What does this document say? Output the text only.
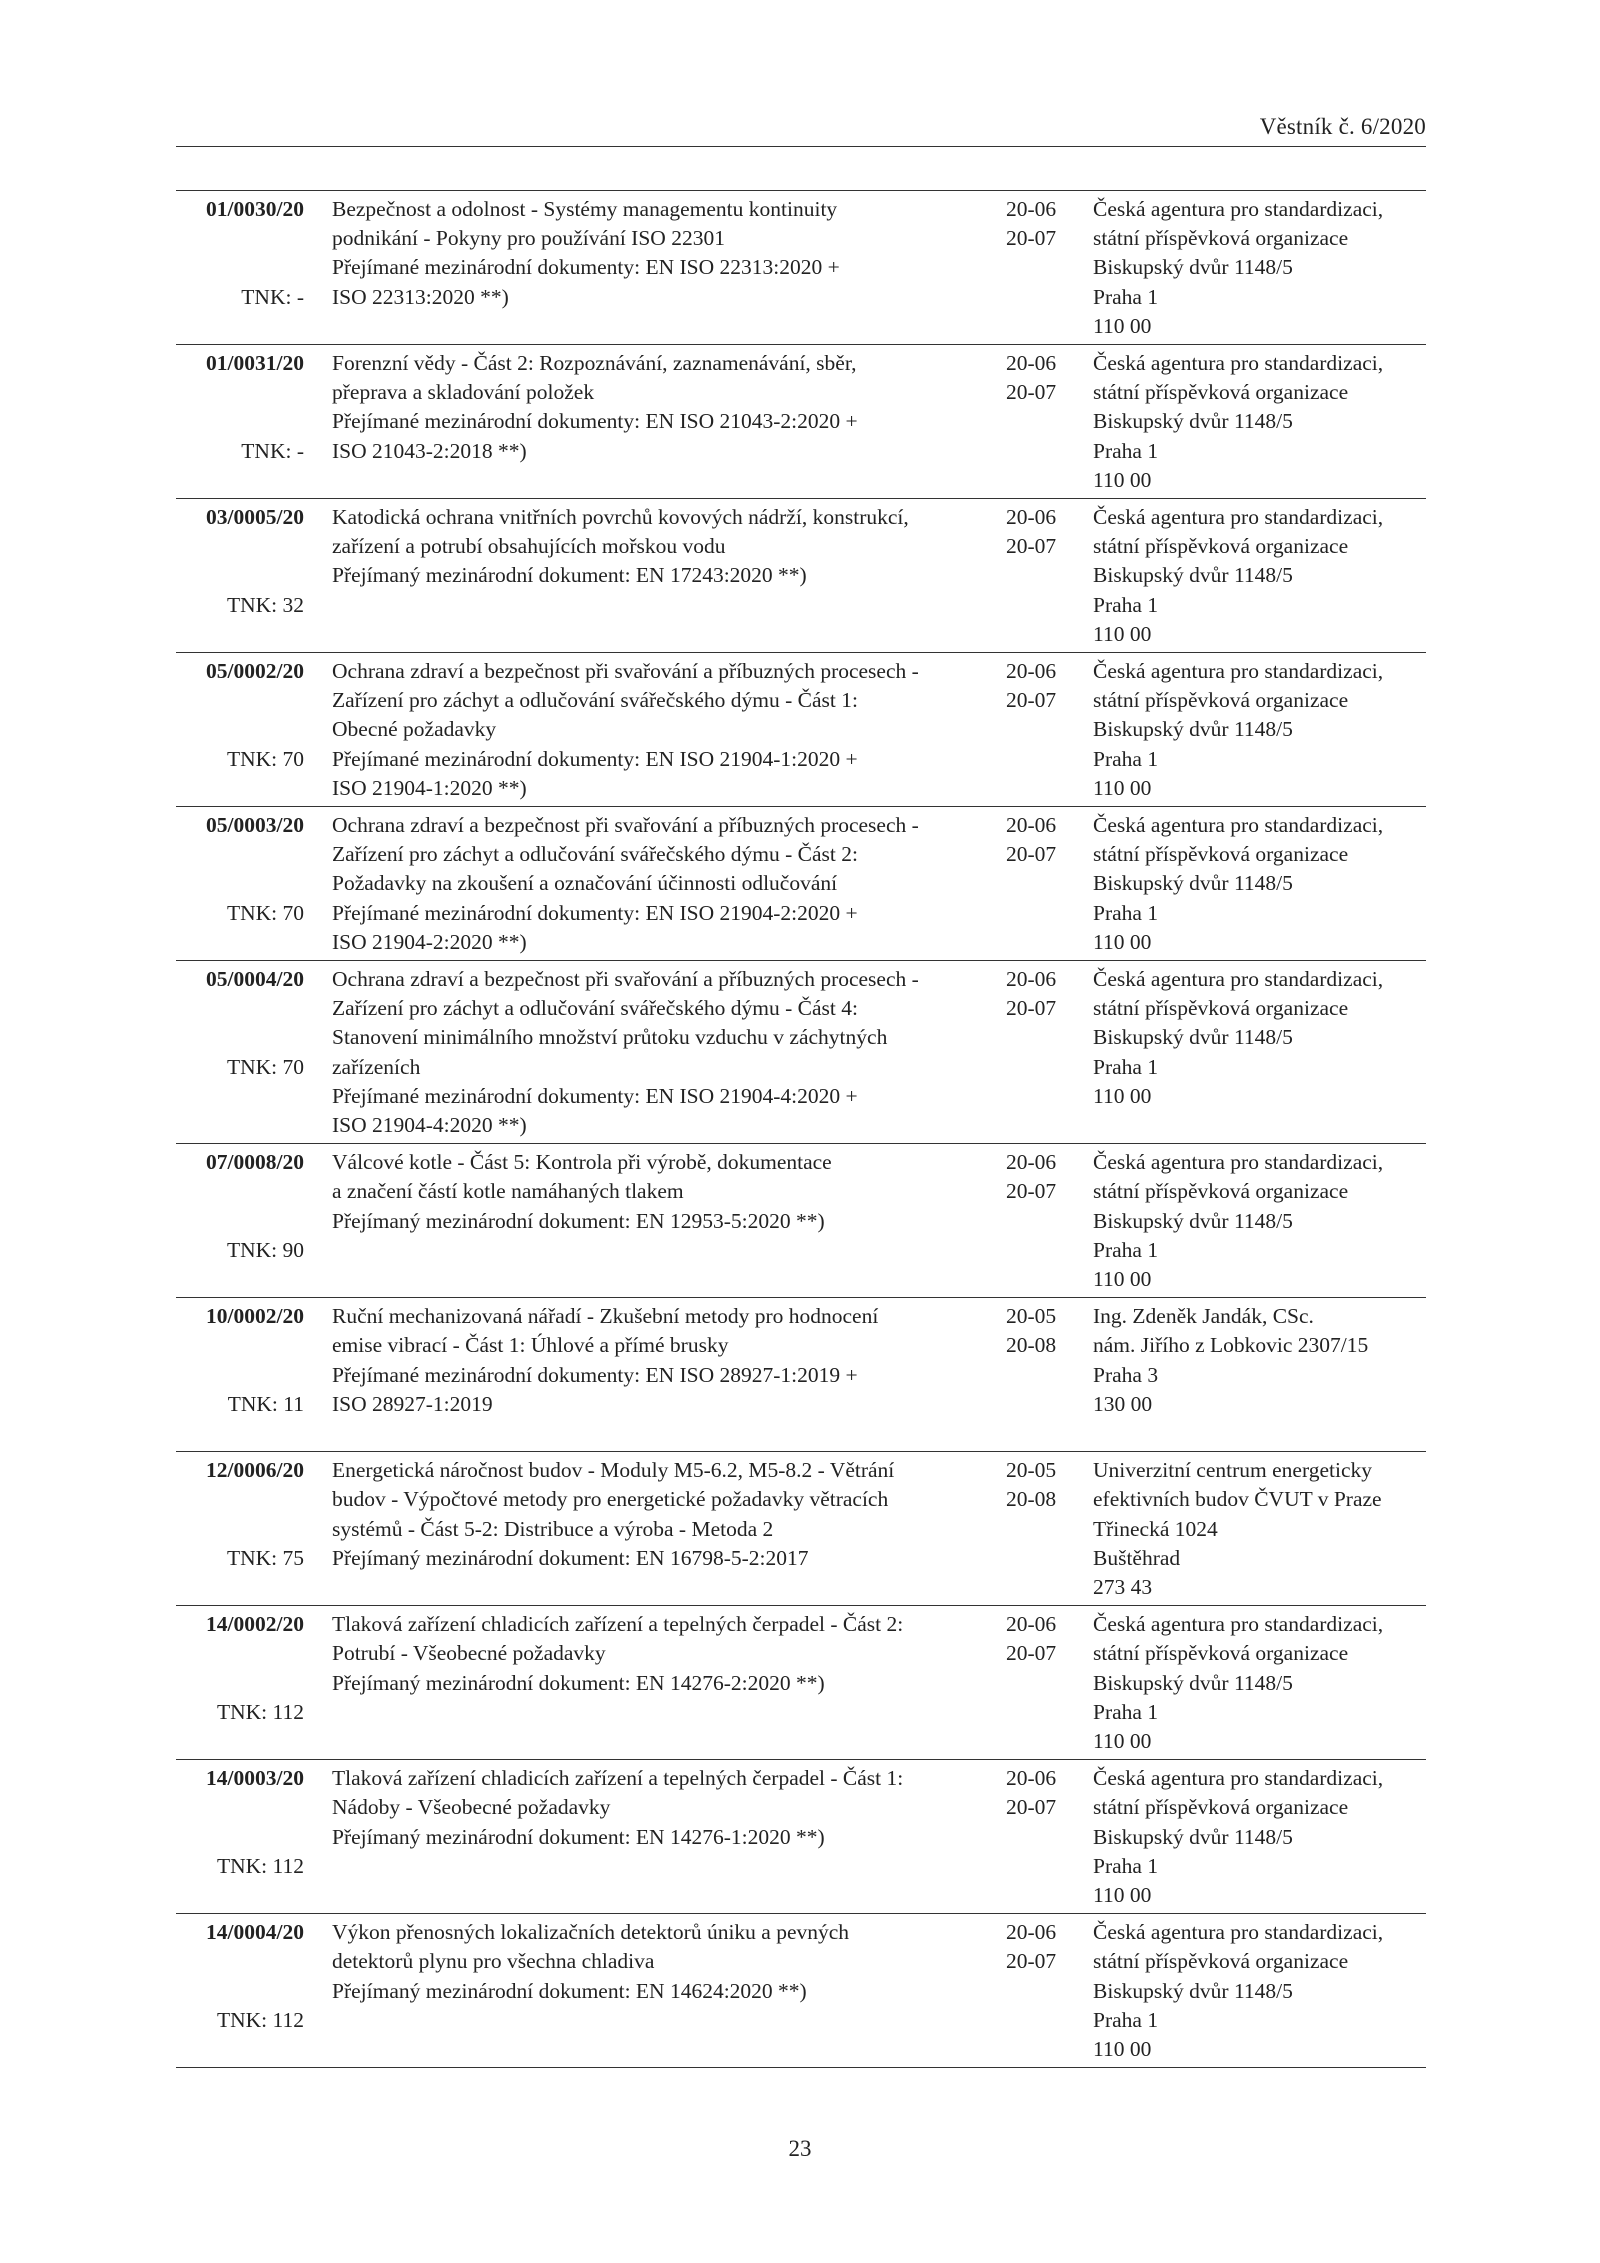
Věstník č. 6/2020
01/0030/20
TNK: -
Bezpečnost a odolnost - Systémy managementu kontinuity
podnikání - Pokyny pro používání ISO 22301
Přejímané mezinárodní dokumenty: EN ISO 22313:2020 +
ISO 22313:2020 **)
20-06
20-07
Česká agentura pro standardizaci,
státní příspěvková organizace
Biskupský dvůr 1148/5
Praha 1
110 00
01/0031/20
TNK: -
Forenzní vědy - Část 2: Rozpoznávání, zaznamenávání, sběr,
přeprava a skladování položek
Přejímané mezinárodní dokumenty: EN ISO 21043-2:2020 +
ISO 21043-2:2018 **)
20-06
20-07
Česká agentura pro standardizaci,
státní příspěvková organizace
Biskupský dvůr 1148/5
Praha 1
110 00
03/0005/20
TNK: 32
Katodická ochrana vnitřních povrchů kovových nádrží, konstrukcí,
zařízení a potrubí obsahujících mořskou vodu
Přejímaný mezinárodní dokument: EN 17243:2020 **)
20-06
20-07
Česká agentura pro standardizaci,
státní příspěvková organizace
Biskupský dvůr 1148/5
Praha 1
110 00
05/0002/20
TNK: 70
Ochrana zdraví a bezpečnost při svařování a příbuzných procesech -
Zařízení pro záchyt a odlučování svářečského dýmu - Část 1:
Obecné požadavky
Přejímané mezinárodní dokumenty: EN ISO 21904-1:2020 +
ISO 21904-1:2020 **)
20-06
20-07
Česká agentura pro standardizaci,
státní příspěvková organizace
Biskupský dvůr 1148/5
Praha 1
110 00
05/0003/20
TNK: 70
Ochrana zdraví a bezpečnost při svařování a příbuzných procesech -
Zařízení pro záchyt a odlučování svářečského dýmu - Část 2:
Požadavky na zkoušení a označování účinnosti odlučování
Přejímané mezinárodní dokumenty: EN ISO 21904-2:2020 +
ISO 21904-2:2020 **)
20-06
20-07
Česká agentura pro standardizaci,
státní příspěvková organizace
Biskupský dvůr 1148/5
Praha 1
110 00
05/0004/20
TNK: 70
Ochrana zdraví a bezpečnost při svařování a příbuzných procesech -
Zařízení pro záchyt a odlučování svářečského dýmu - Část 4:
Stanovení minimálního množství průtoku vzduchu v záchytných
zařízeních
Přejímané mezinárodní dokumenty: EN ISO 21904-4:2020 +
ISO 21904-4:2020 **)
20-06
20-07
Česká agentura pro standardizaci,
státní příspěvková organizace
Biskupský dvůr 1148/5
Praha 1
110 00
07/0008/20
TNK: 90
Válcové kotle - Část 5: Kontrola při výrobě, dokumentace
a značení částí kotle namáhaných tlakem
Přejímaný mezinárodní dokument: EN 12953-5:2020 **)
20-06
20-07
Česká agentura pro standardizaci,
státní příspěvková organizace
Biskupský dvůr 1148/5
Praha 1
110 00
10/0002/20
TNK: 11
Ruční mechanizovaná nářadí - Zkušební metody pro hodnocení
emise vibrací - Část 1: Úhlové a přímé brusky
Přejímané mezinárodní dokumenty: EN ISO 28927-1:2019 +
ISO 28927-1:2019
20-05
20-08
Ing. Zdeněk Jandák, CSc.
nám. Jiřího z Lobkovic 2307/15
Praha 3
130 00
12/0006/20
TNK: 75
Energetická náročnost budov - Moduly M5-6.2, M5-8.2 - Větrání
budov - Výpočtové metody pro energetické požadavky větracích
systémů - Část 5-2: Distribuce a výroba - Metoda 2
Přejímaný mezinárodní dokument: EN 16798-5-2:2017
20-05
20-08
Univerzitní centrum energeticky
efektivních budov ČVUT v Praze
Třinecká 1024
Buštěhrad
273 43
14/0002/20
TNK: 112
Tlaková zařízení chladicích zařízení a tepelných čerpadel - Část 2:
Potrubí - Všeobecné požadavky
Přejímaný mezinárodní dokument: EN 14276-2:2020 **)
20-06
20-07
Česká agentura pro standardizaci,
státní příspěvková organizace
Biskupský dvůr 1148/5
Praha 1
110 00
14/0003/20
TNK: 112
Tlaková zařízení chladicích zařízení a tepelných čerpadel - Část 1:
Nádoby - Všeobecné požadavky
Přejímaný mezinárodní dokument: EN 14276-1:2020 **)
20-06
20-07
Česká agentura pro standardizaci,
státní příspěvková organizace
Biskupský dvůr 1148/5
Praha 1
110 00
14/0004/20
TNK: 112
Výkon přenosných lokalizačních detektorů úniku a pevných
detektorů plynu pro všechna chladiva
Přejímaný mezinárodní dokument: EN 14624:2020 **)
20-06
20-07
Česká agentura pro standardizaci,
státní příspěvková organizace
Biskupský dvůr 1148/5
Praha 1
110 00
23
